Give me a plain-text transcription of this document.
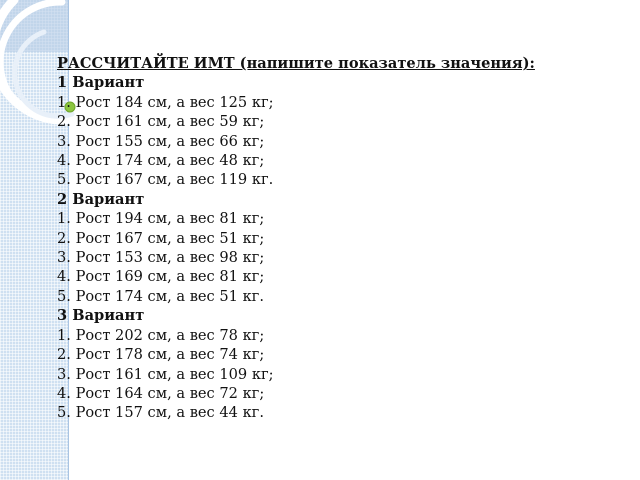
РАССЧИТАЙТЕ ИМТ (напишите показатель значения):
1 Вариант
1. Рост 184 см, а вес 125 кг;
2. Рост 161 см, а вес 59 кг;
3. Рост 155 см, а вес 66 кг;
4. Рост 174 см, а вес 48 кг;
5. Рост 167 см, а вес 119 кг.
2 Вариант
1. Рост 194 см, а вес 81 кг;
2. Рост 167 см, а вес 51 кг;
3. Рост 153 см, а вес 98 кг;
4. Рост 169 см, а вес 81 кг;
5. Рост 174 см, а вес 51 кг.
3 Вариант
1. Рост 202 см, а вес 78 кг;
2. Рост 178 см, а вес 74 кг;
3. Рост 161 см, а вес 109 кг;
4. Рост 164 см, а вес 72 кг;
5. Рост 157 см, а вес 44 кг.
